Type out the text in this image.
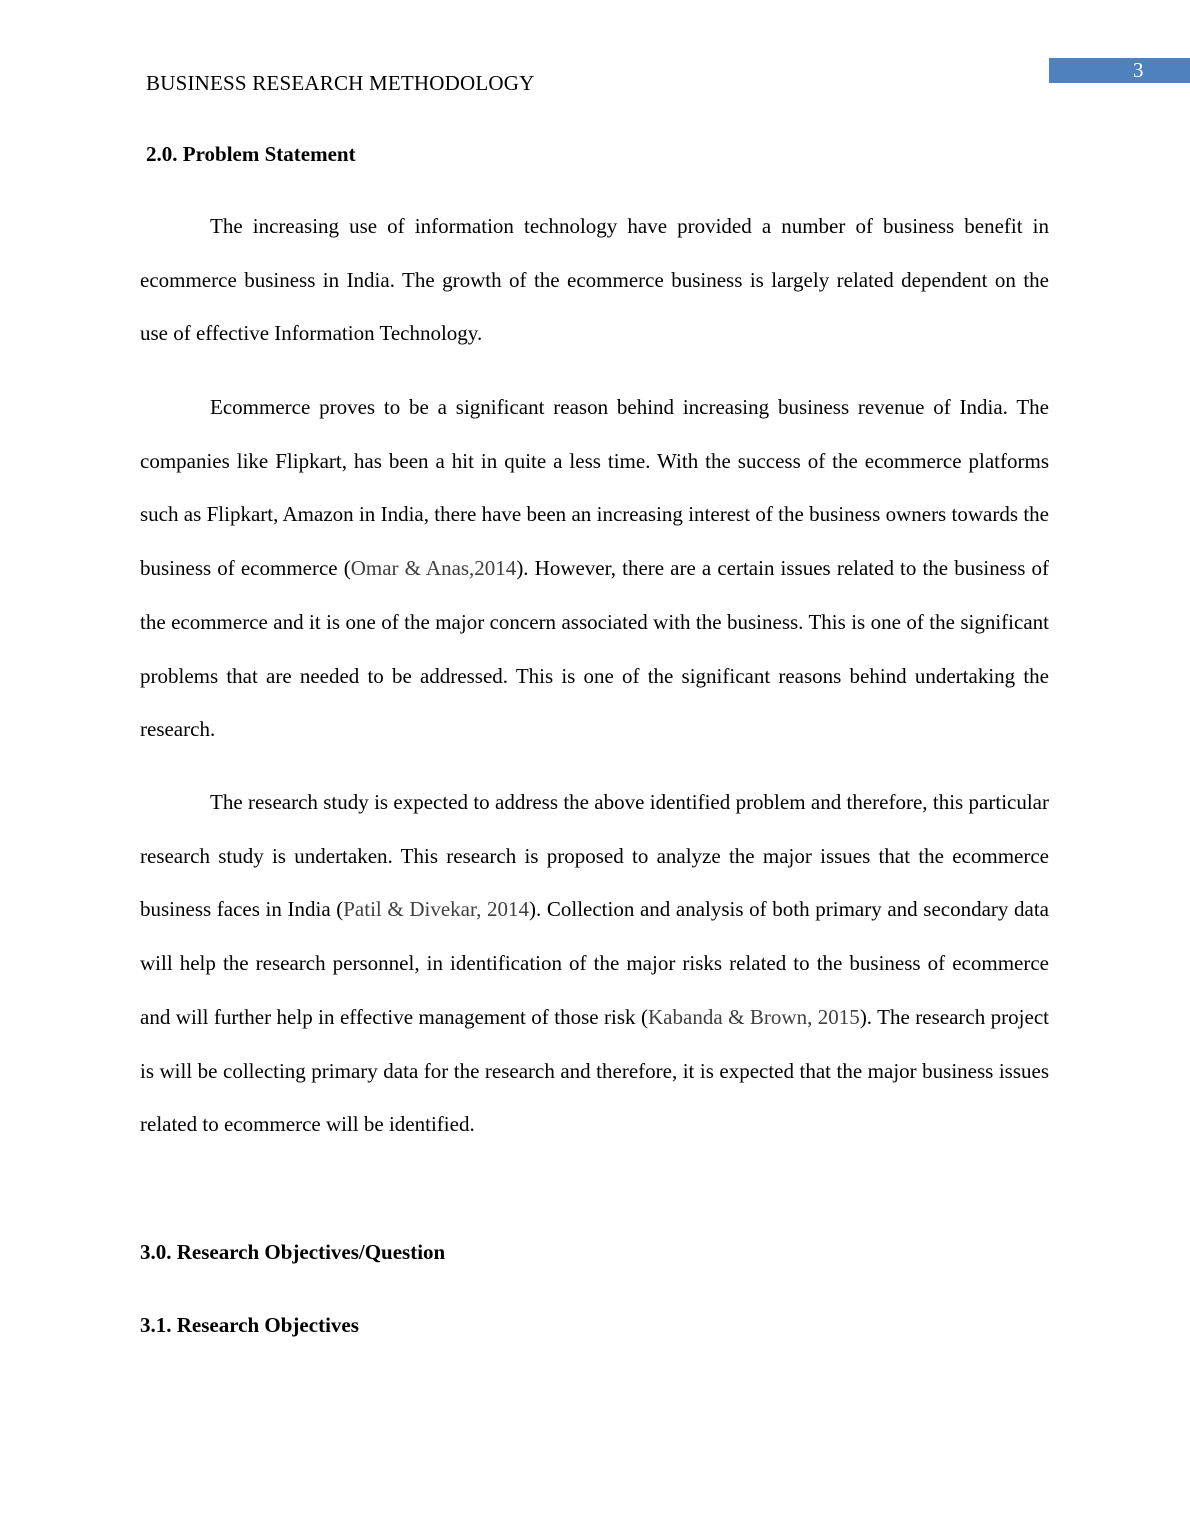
3
BUSINESS RESEARCH METHODOLOGY
2.0. Problem Statement

The increasing use of information technology have provided a number of business benefit in ecommerce business in India. The growth of the ecommerce business is largely related dependent on the use of effective Information Technology.

Ecommerce proves to be a significant reason behind increasing business revenue of India. The companies like Flipkart, has been a hit in quite a less time. With the success of the ecommerce platforms such as Flipkart, Amazon in India, there have been an increasing interest of the business owners towards the business of ecommerce (Omar & Anas,2014). However, there are a certain issues related to the business of the ecommerce and it is one of the major concern associated with the business. This is one of the significant problems that are needed to be addressed. This is one of the significant reasons behind undertaking the research.

The research study is expected to address the above identified problem and therefore, this particular research study is undertaken. This research is proposed to analyze the major issues that the ecommerce business faces in India (Patil & Divekar, 2014). Collection and analysis of both primary and secondary data will help the research personnel, in identification of the major risks related to the business of ecommerce and will further help in effective management of those risk (Kabanda & Brown, 2015). The research project is will be collecting primary data for the research and therefore, it is expected that the major business issues related to ecommerce will be identified.

3.0. Research Objectives/Question
3.1. Research Objectives
